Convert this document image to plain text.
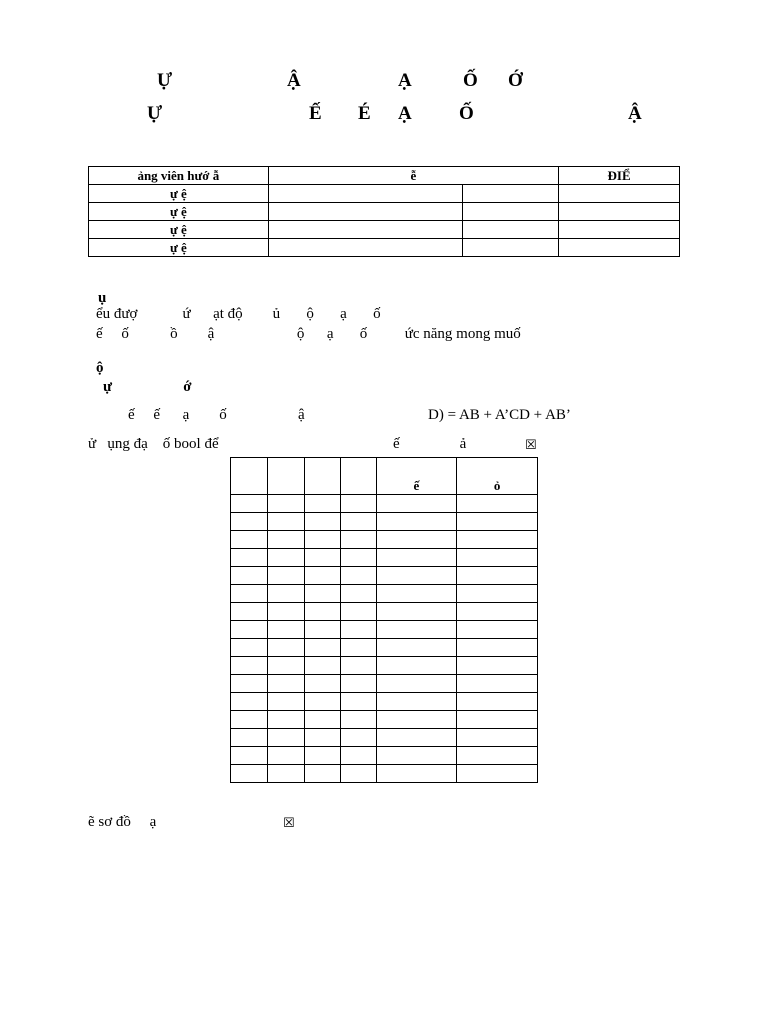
Ự	Ậ	Ạ	Ố Ớ
Ự	Ế É Ạ Ố	Ậ
ảng viên hướ ẫ	ễ		ĐIỂ
ự ệ			
ự ệ			
ự ệ			
ự ệ			
ụ
ểu đượ            ứ      ạt độ        ủ       ộ       ạ       ố
ế     ố           ồ        ậ                      ộ      ạ       ố          ức năng mong muố
ộ
ự                   ớ
ế     ế      ạ        ố                   ậ	D) = AB + A’CD + AB’
ử   ụng đạ    ố bool để	ế                ả	☒
				ế	ỏ

ẽ sơ đồ     ạ	☒
